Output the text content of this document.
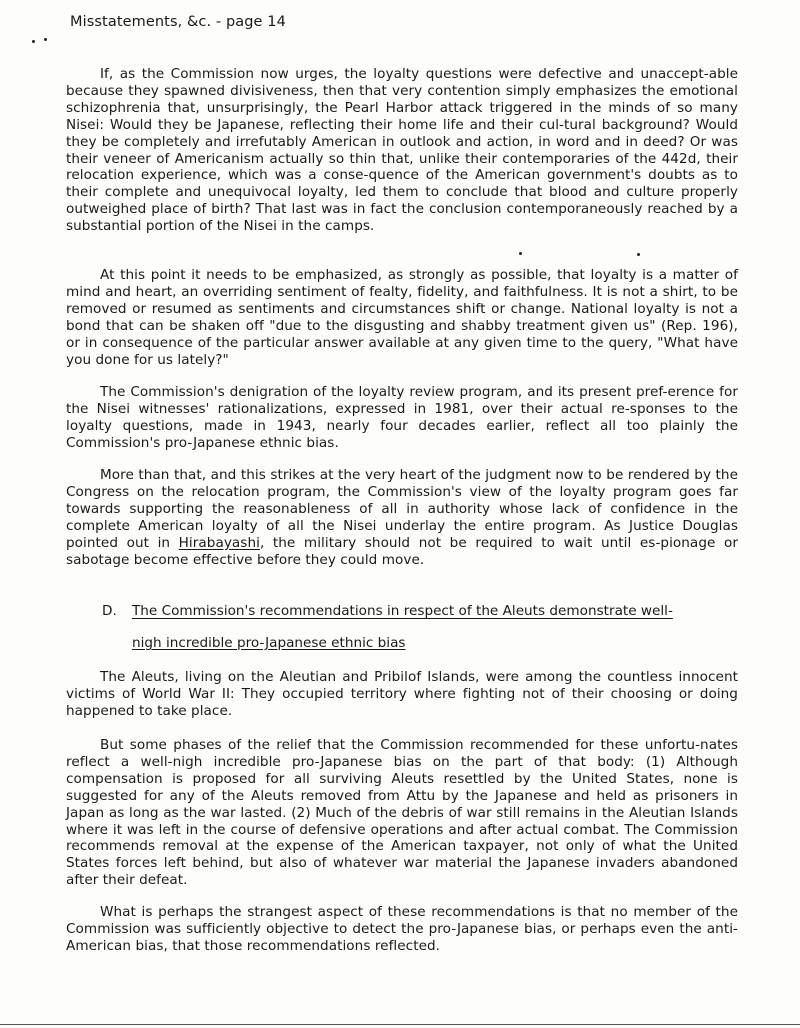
Misstatements, &c. - page 14

If, as the Commission now urges, the loyalty questions were defective and unaccept-able because they spawned divisiveness, then that very contention simply emphasizes the emotional schizophrenia that, unsurprisingly, the Pearl Harbor attack triggered in the minds of so many Nisei: Would they be Japanese, reflecting their home life and their cul-tural background? Would they be completely and irrefutably American in outlook and action, in word and in deed? Or was their veneer of Americanism actually so thin that, unlike their contemporaries of the 442d, their relocation experience, which was a conse-quence of the American government's doubts as to their complete and unequivocal loyalty, led them to conclude that blood and culture properly outweighed place of birth? That last was in fact the conclusion contemporaneously reached by a substantial portion of the Nisei in the camps.

At this point it needs to be emphasized, as strongly as possible, that loyalty is a matter of mind and heart, an overriding sentiment of fealty, fidelity, and faithfulness. It is not a shirt, to be removed or resumed as sentiments and circumstances shift or change. National loyalty is not a bond that can be shaken off "due to the disgusting and shabby treatment given us" (Rep. 196), or in consequence of the particular answer available at any given time to the query, "What have you done for us lately?"

The Commission's denigration of the loyalty review program, and its present pref-erence for the Nisei witnesses' rationalizations, expressed in 1981, over their actual re-sponses to the loyalty questions, made in 1943, nearly four decades earlier, reflect all too plainly the Commission's pro-Japanese ethnic bias.

More than that, and this strikes at the very heart of the judgment now to be rendered by the Congress on the relocation program, the Commission's view of the loyalty program goes far towards supporting the reasonableness of all in authority whose lack of confidence in the complete American loyalty of all the Nisei underlay the entire program. As Justice Douglas pointed out in Hirabayashi, the military should not be required to wait until es-pionage or sabotage become effective before they could move.

D. The Commission's recommendations in respect of the Aleuts demonstrate well-

nigh incredible pro-Japanese ethnic bias

The Aleuts, living on the Aleutian and Pribilof Islands, were among the countless innocent victims of World War II: They occupied territory where fighting not of their choosing or doing happened to take place.

But some phases of the relief that the Commission recommended for these unfortu-nates reflect a well-nigh incredible pro-Japanese bias on the part of that body: (1) Although compensation is proposed for all surviving Aleuts resettled by the United States, none is suggested for any of the Aleuts removed from Attu by the Japanese and held as prisoners in Japan as long as the war lasted. (2) Much of the debris of war still remains in the Aleutian Islands where it was left in the course of defensive operations and after actual combat. The Commission recommends removal at the expense of the American taxpayer, not only of what the United States forces left behind, but also of whatever war material the Japanese invaders abandoned after their defeat.

What is perhaps the strangest aspect of these recommendations is that no member of the Commission was sufficiently objective to detect the pro-Japanese bias, or perhaps even the anti-American bias, that those recommendations reflected.
